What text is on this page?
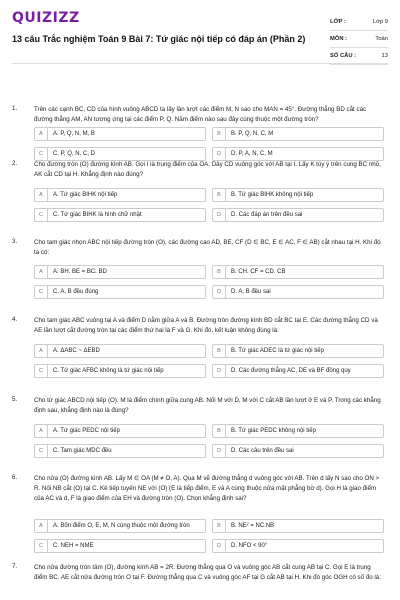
QUIZIZZ
13 câu Trắc nghiệm Toán 9 Bài 7: Tứ giác nội tiếp có đáp án (Phần 2)
LỚP :	Lớp 9
MÔN :	Toán
SỐ CÂU :	13
1.	Trên các cạnh BC, CD của hình vuông ABCD ta lấy lần lượt các điểm M, N sao cho MAN = 45°. Đường thẳng BD cắt các đường thẳng AM, AN tương ứng tại các điểm P, Q. Năm điểm nào sau đây cùng thuộc một đường tròn?
A	A. P, Q, N, M, B	B	B. P, Q, N, C, M
C	C. P, Q, N, C, D	D	D. P, A, N, C, M
2.	Cho đường tròn (O) đường kính AB. Gọi I là trung điểm của OA. Dây CD vuông góc với AB tại I. Lấy K tùy ý trên cung BC nhỏ, AK cắt CD tại H. Khẳng định nào đúng?
A	A. Tứ giác BIHK nội tiếp	B	B. Tứ giác BIHK không nội tiếp
C	C. Tứ giác BIHK là hình chữ nhật	D	D. Các đáp án trên đều sai
3.	Cho tam giác nhọn ABC nội tiếp đường tròn (O), các đường cao AD, BE, CF (D ∈ BC, E ∈ AC, F ∈ AB) cắt nhau tại H. Khi đó ta có:
A	A. BH. BE = BC. BD	B	B. CH. CF = CD. CB
C	C. A, B đều đúng	D	D. A, B đều sai
4.	Cho tam giác ABC vuông tại A và điểm D nằm giữa A và B. Đường tròn đường kính BD cắt BC tại E. Các đường thẳng CD và AE lần lượt cắt đường tròn tại các điểm thứ hai là F và G. Khi đó, kết luận không đúng là:
A	A. ΔABC ~ ΔEBD	B	B. Tứ giác ADEC là tứ giác nội tiếp
C	C. Tứ giác AFBC không là tứ giác nội tiếp	D	D. Các đường thẳng AC, DE và BF đồng quy
5.	Cho tứ giác ABCD nội tiếp (O). M là điểm chính giữa cung AB. Nối M với D, M với C cắt AB lần lượt ở E và P. Trong các khẳng định sau, khẳng định nào là đúng?
A	A. Tứ giác PEDC nội tiếp	B	B. Tứ giác PEDC không nội tiếp
C	C. Tam giác MDC đều	D	D. Các câu trên đều sai
6.	Cho nửa (O) đường kính AB. Lấy M ∈ OA (M ≠ O, A). Qua M vẽ đường thẳng d vuông góc với AB. Trên d lấy N sao cho ON > R. Nối NB cắt (O) tại C. Kẻ tiếp tuyến NE với (O) (E là tiếp điểm, E và A cùng thuộc nửa mặt phẳng bờ d). Gọi H là giao điểm của AC và d, F là giao điểm của EH và đường tròn (O). Chọn khẳng định sai?
A	A. Bốn điểm O, E, M, N cùng thuộc một đường tròn	B	B. NE² = NC.NB
C	C. NEH = NME	D	D. NFO < 90°
7.	Cho nửa đường tròn tâm (O), đường kính AB = 2R. Đường thẳng qua O và vuông góc AB cắt cung AB tại C. Gọi E là trung điểm BC. AE cắt nửa đường tròn O tại F. Đường thẳng qua C và vuông góc AF tại G cắt AB tại H. Khi đó góc OGH có số đo là:
